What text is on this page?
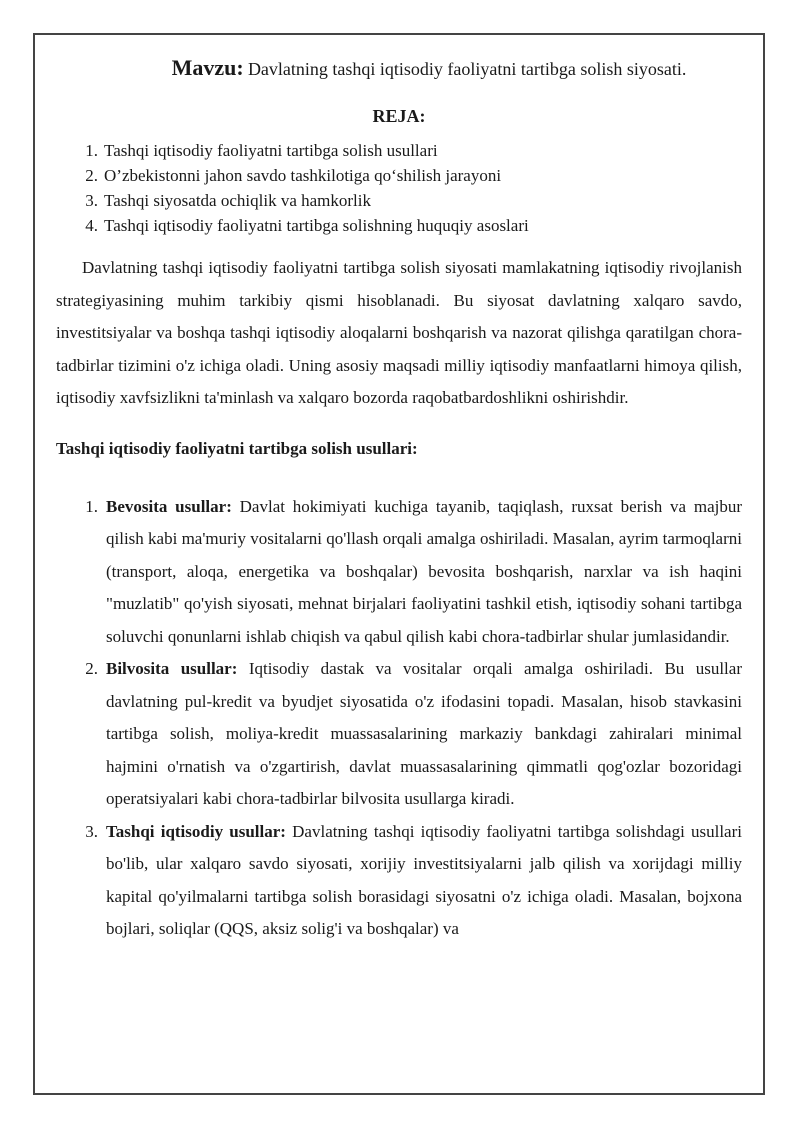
Mavzu: Davlatning tashqi iqtisodiy faoliyatni tartibga solish siyosati.

REJA:
1. Tashqi iqtisodiy faoliyatni tartibga solish usullari
2. O’zbekistonni jahon savdo tashkilotiga qo‘shilish jarayoni
3. Tashqi siyosatda ochiqlik va hamkorlik
4. Tashqi iqtisodiy faoliyatni tartibga solishning huquqiy asoslari

Davlatning tashqi iqtisodiy faoliyatni tartibga solish siyosati mamlakatning iqtisodiy rivojlanish strategiyasining muhim tarkibiy qismi hisoblanadi. Bu siyosat davlatning xalqaro savdo, investitsiyalar va boshqa tashqi iqtisodiy aloqalarni boshqarish va nazorat qilishga qaratilgan chora-tadbirlar tizimini o'z ichiga oladi. Uning asosiy maqsadi milliy iqtisodiy manfaatlarni himoya qilish, iqtisodiy xavfsizlikni ta'minlash va xalqaro bozorda raqobatbardoshlikni oshirishdir.

Tashqi iqtisodiy faoliyatni tartibga solish usullari:
1. Bevosita usullar: Davlat hokimiyati kuchiga tayanib, taqiqlash, ruxsat berish va majbur qilish kabi ma'muriy vositalarni qo'llash orqali amalga oshiriladi. Masalan, ayrim tarmoqlarni (transport, aloqa, energetika va boshqalar) bevosita boshqarish, narxlar va ish haqini "muzlatib" qo'yish siyosati, mehnat birjalari faoliyatini tashkil etish, iqtisodiy sohani tartibga soluvchi qonunlarni ishlab chiqish va qabul qilish kabi chora-tadbirlar shular jumlasidandir.
2. Bilvosita usullar: Iqtisodiy dastak va vositalar orqali amalga oshiriladi. Bu usullar davlatning pul-kredit va byudjet siyosatida o'z ifodasini topadi. Masalan, hisob stavkasini tartibga solish, moliya-kredit muassasalarining markaziy bankdagi zahiralari minimal hajmini o'rnatish va o'zgartirish, davlat muassasalarining qimmatli qog'ozlar bozoridagi operatsiyalari kabi chora-tadbirlar bilvosita usullarga kiradi.
3. Tashqi iqtisodiy usullar: Davlatning tashqi iqtisodiy faoliyatni tartibga solishdagi usullari bo'lib, ular xalqaro savdo siyosati, xorijiy investitsiyalarni jalb qilish va xorijdagi milliy kapital qo'yilmalarni tartibga solish borasidagi siyosatni o'z ichiga oladi. Masalan, bojxona bojlari, soliqlar (QQS, aksiz solig'i va boshqalar) va
